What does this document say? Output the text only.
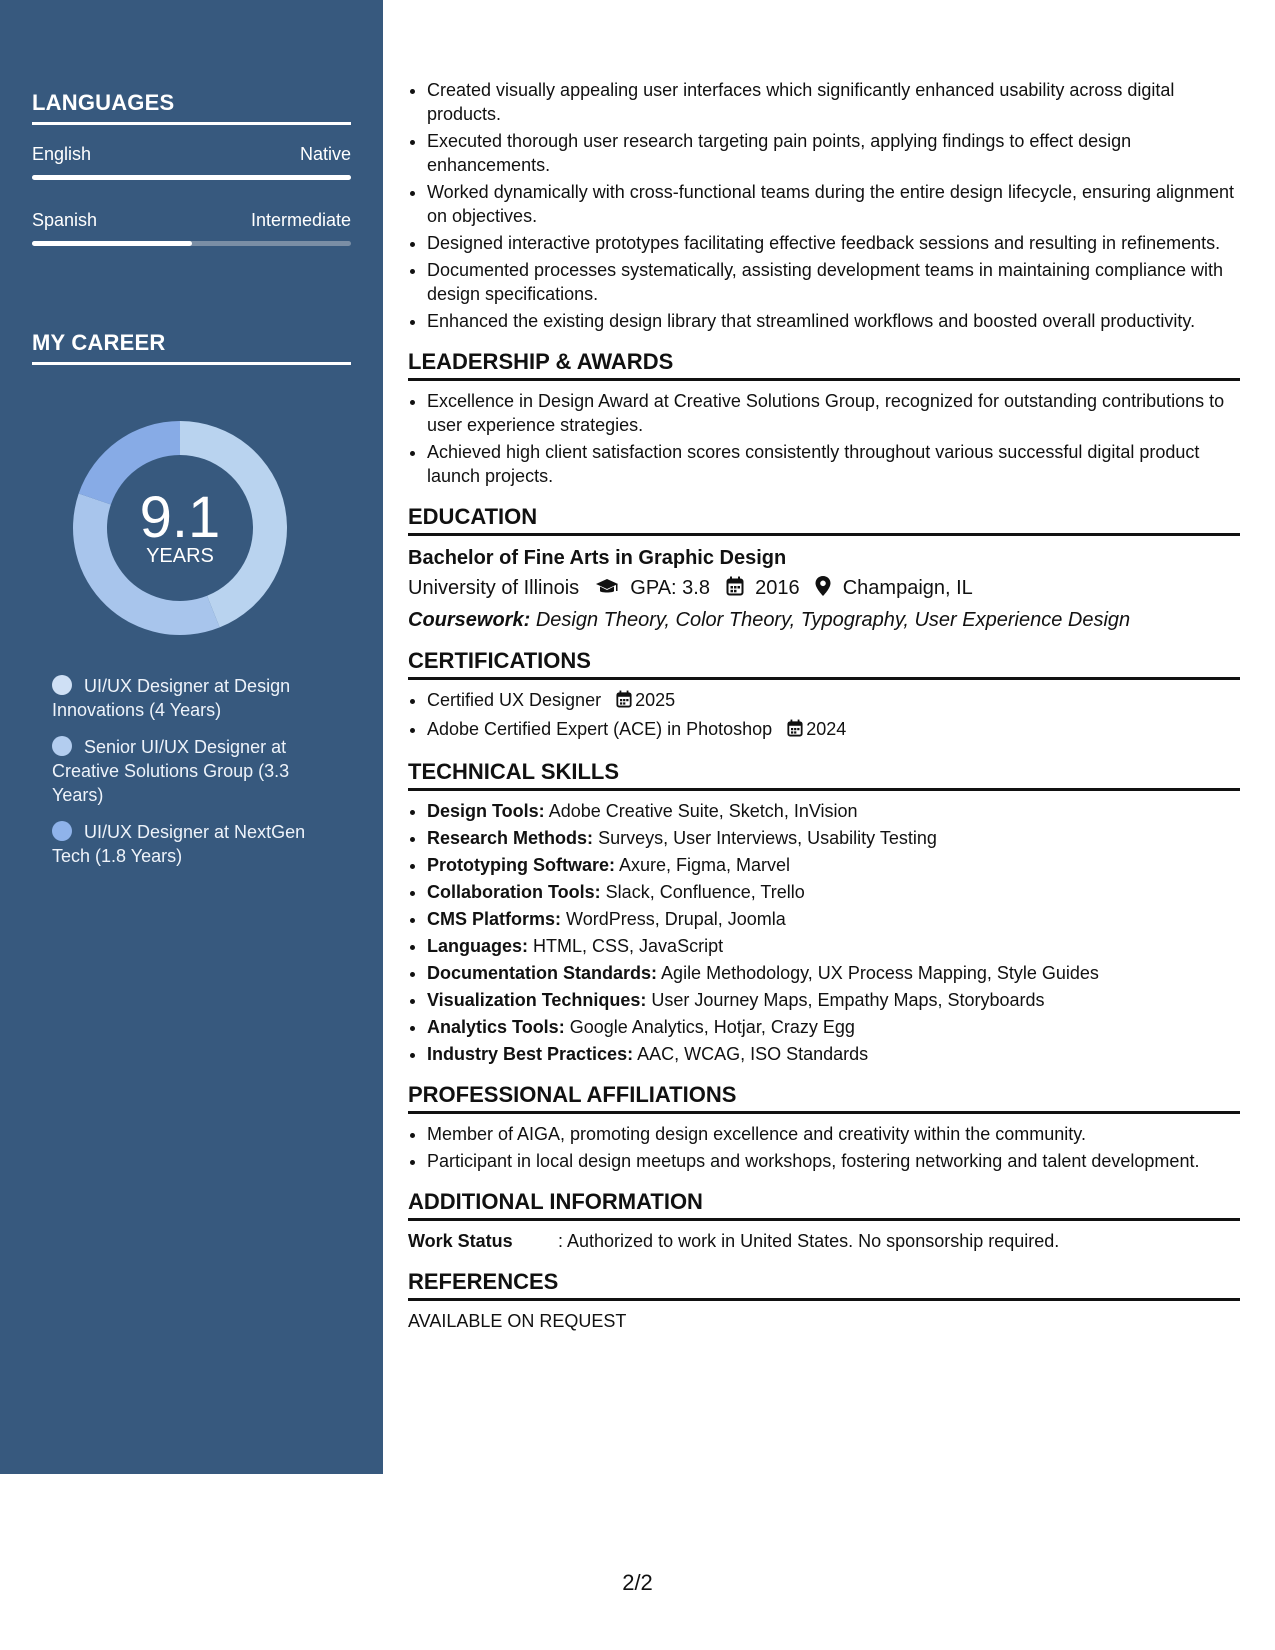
LANGUAGES
English	Native
Spanish	Intermediate
MY CAREER
9.1
YEARS
UI/UX Designer at Design Innovations (4 Years)
Senior UI/UX Designer at Creative Solutions Group (3.3 Years)
UI/UX Designer at NextGen Tech (1.8 Years)
• Created visually appealing user interfaces which significantly enhanced usability across digital products.
• Executed thorough user research targeting pain points, applying findings to effect design enhancements.
• Worked dynamically with cross-functional teams during the entire design lifecycle, ensuring alignment on objectives.
• Designed interactive prototypes facilitating effective feedback sessions and resulting in refinements.
• Documented processes systematically, assisting development teams in maintaining compliance with design specifications.
• Enhanced the existing design library that streamlined workflows and boosted overall productivity.
LEADERSHIP & AWARDS
• Excellence in Design Award at Creative Solutions Group, recognized for outstanding contributions to user experience strategies.
• Achieved high client satisfaction scores consistently throughout various successful digital product launch projects.
EDUCATION
Bachelor of Fine Arts in Graphic Design
University of Illinois	GPA: 3.8 2016 Champaign, IL
Coursework: Design Theory, Color Theory, Typography, User Experience Design
CERTIFICATIONS
• Certified UX Designer 2025
• Adobe Certified Expert (ACE) in Photoshop 2024
TECHNICAL SKILLS
• Design Tools: Adobe Creative Suite, Sketch, InVision
• Research Methods: Surveys, User Interviews, Usability Testing
• Prototyping Software: Axure, Figma, Marvel
• Collaboration Tools: Slack, Confluence, Trello
• CMS Platforms: WordPress, Drupal, Joomla
• Languages: HTML, CSS, JavaScript
• Documentation Standards: Agile Methodology, UX Process Mapping, Style Guides
• Visualization Techniques: User Journey Maps, Empathy Maps, Storyboards
• Analytics Tools: Google Analytics, Hotjar, Crazy Egg
• Industry Best Practices: AAC, WCAG, ISO Standards
PROFESSIONAL AFFILIATIONS
• Member of AIGA, promoting design excellence and creativity within the community.
• Participant in local design meetups and workshops, fostering networking and talent development.
ADDITIONAL INFORMATION
Work Status	: Authorized to work in United States. No sponsorship required.
REFERENCES
AVAILABLE ON REQUEST
2/2
